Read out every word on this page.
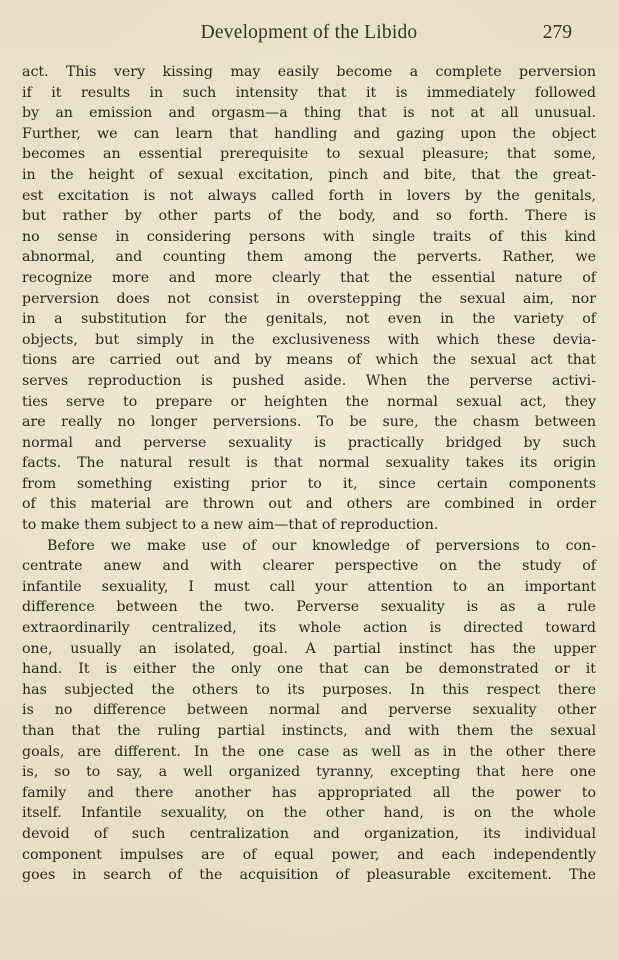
Development of the Libido	279
act. This very kissing may easily become a complete perversion
if it results in such intensity that it is immediately followed
by an emission and orgasm—a thing that is not at all unusual.
Further, we can learn that handling and gazing upon the object
becomes an essential prerequisite to sexual pleasure; that some,
in the height of sexual excitation, pinch and bite, that the great-
est excitation is not always called forth in lovers by the genitals,
but rather by other parts of the body, and so forth. There is
no sense in considering persons with single traits of this kind
abnormal, and counting them among the perverts. Rather, we
recognize more and more clearly that the essential nature of
perversion does not consist in overstepping the sexual aim, nor
in a substitution for the genitals, not even in the variety of
objects, but simply in the exclusiveness with which these devia-
tions are carried out and by means of which the sexual act that
serves reproduction is pushed aside. When the perverse activi-
ties serve to prepare or heighten the normal sexual act, they
are really no longer perversions. To be sure, the chasm between
normal and perverse sexuality is practically bridged by such
facts. The natural result is that normal sexuality takes its origin
from something existing prior to it, since certain components
of this material are thrown out and others are combined in order
to make them subject to a new aim—that of reproduction.
Before we make use of our knowledge of perversions to con-
centrate anew and with clearer perspective on the study of
infantile sexuality, I must call your attention to an important
difference between the two. Perverse sexuality is as a rule
extraordinarily centralized, its whole action is directed toward
one, usually an isolated, goal. A partial instinct has the upper
hand. It is either the only one that can be demonstrated or it
has subjected the others to its purposes. In this respect there
is no difference between normal and perverse sexuality other
than that the ruling partial instincts, and with them the sexual
goals, are different. In the one case as well as in the other there
is, so to say, a well organized tyranny, excepting that here one
family and there another has appropriated all the power to
itself. Infantile sexuality, on the other hand, is on the whole
devoid of such centralization and organization, its individual
component impulses are of equal power, and each independently
goes in search of the acquisition of pleasurable excitement. The
